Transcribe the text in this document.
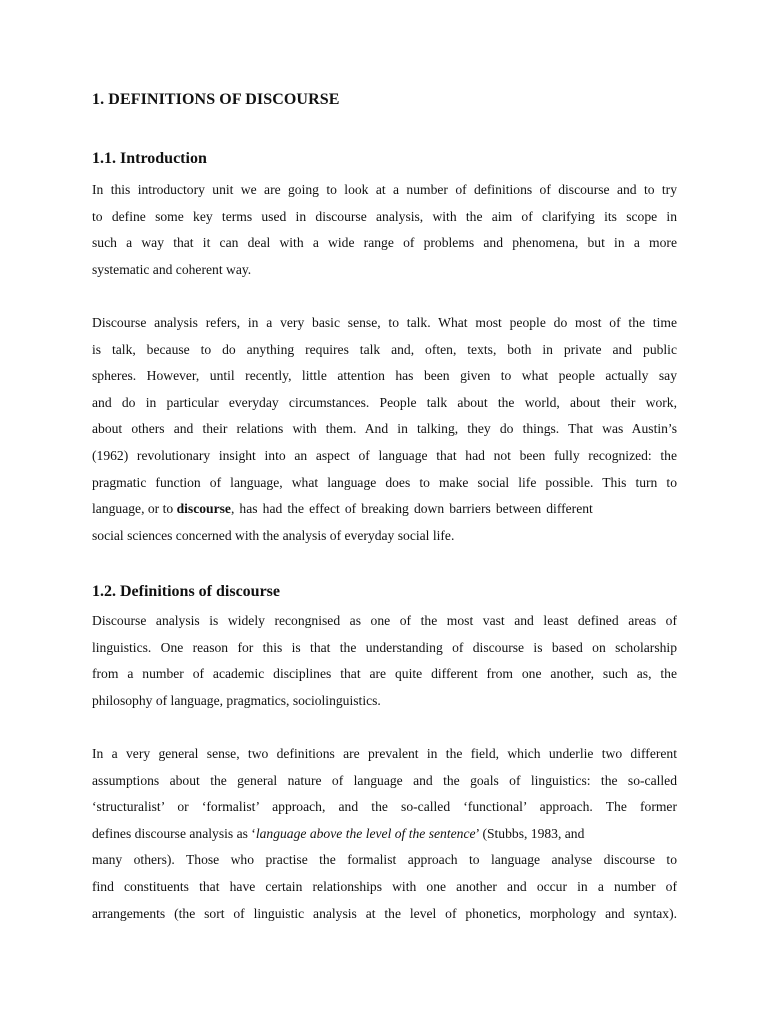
1. DEFINITIONS OF DISCOURSE
1.1. Introduction
In this introductory unit we are going to look at a number of definitions of discourse and to try
to define some key terms used in discourse analysis, with the aim of clarifying its scope in
such a way that it can deal with a wide range of problems and phenomena, but in a more
systematic and coherent way.
Discourse analysis refers, in a very basic sense, to talk. What most people do most of the time
is talk, because to do anything requires talk and, often, texts, both in private and public
spheres. However, until recently, little attention has been given to what people actually say
and do in particular everyday circumstances. People talk about the world, about their work,
about others and their relations with them. And in talking, they do things. That was Austin’s
(1962) revolutionary insight into an aspect of language that had not been fully recognized: the
pragmatic function of language, what language does to make social life possible. This turn to
language, or to discourse, has had the effect of breaking down barriers between different
social sciences concerned with the analysis of everyday social life.
1.2. Definitions of discourse
Discourse analysis is widely recongnised as one of the most vast and least defined areas of
linguistics. One reason for this is that the understanding of discourse is based on scholarship
from a number of academic disciplines that are quite different from one another, such as, the
philosophy of language, pragmatics, sociolinguistics.
In a very general sense, two definitions are prevalent in the field, which underlie two different
assumptions about the general nature of language and the goals of linguistics: the so-called
‘structuralist’ or ‘formalist’ approach, and the so-called ‘functional’ approach. The former
defines discourse analysis as ‘language above the level of the sentence’ (Stubbs, 1983, and
many others). Those who practise the formalist approach to language analyse discourse to
find constituents that have certain relationships with one another and occur in a number of
arrangements (the sort of linguistic analysis at the level of phonetics, morphology and syntax).
